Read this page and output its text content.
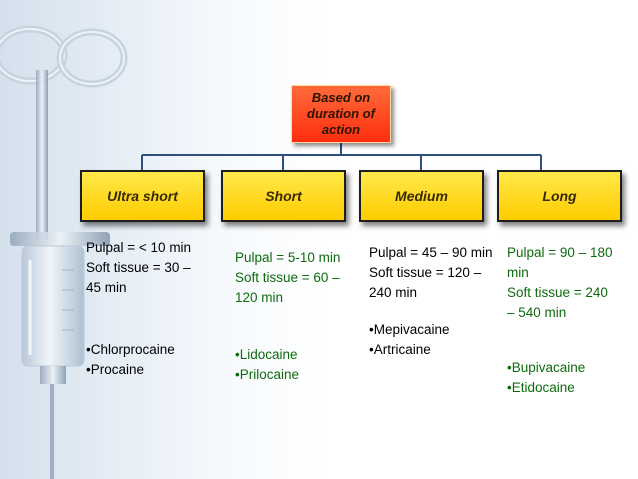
Based on
duration of
action
Ultra short	Short	Medium	Long
Pulpal = < 10 min
Soft tissue = 30 –
45 min
•Chlorprocaine
•Procaine
Pulpal = 5-10 min
Soft tissue = 60 –
120 min
•Lidocaine
•Prilocaine
Pulpal = 45 – 90 min
Soft tissue = 120 –
240 min
•Mepivacaine
•Artricaine
Pulpal = 90 – 180
min
Soft tissue = 240
– 540 min
•Bupivacaine
•Etidocaine
